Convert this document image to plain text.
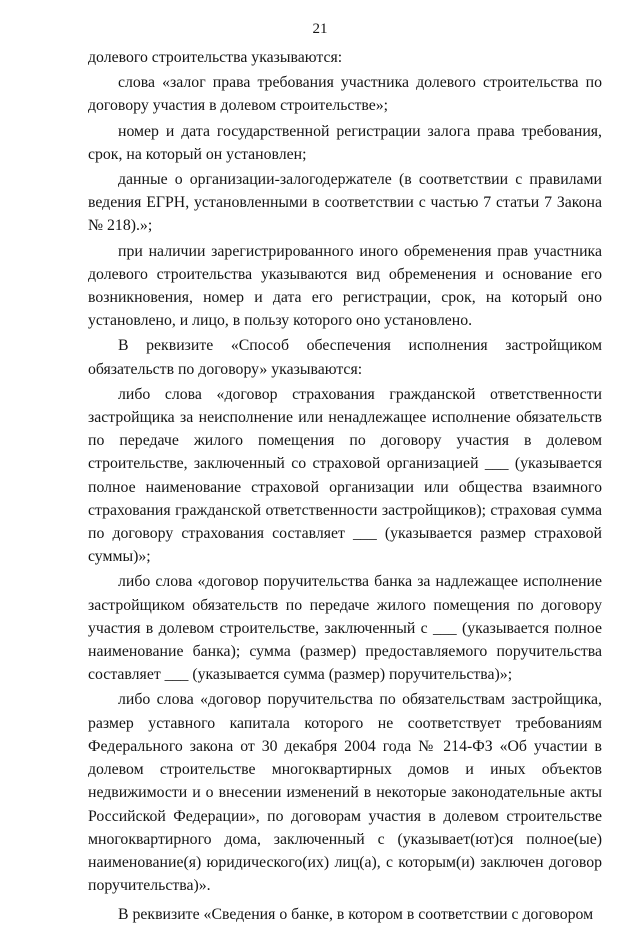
21

долевого строительства указываются:

слова «залог права требования участника долевого строительства по договору участия в долевом строительстве»;

номер и дата государственной регистрации залога права требования, срок, на который он установлен;

данные о организации-залогодержателе (в соответствии с правилами ведения ЕГРН, установленными в соответствии с частью 7 статьи 7 Закона № 218).»;

при наличии зарегистрированного иного обременения прав участника долевого строительства указываются вид обременения и основание его возникновения, номер и дата его регистрации, срок, на который оно установлено, и лицо, в пользу которого оно установлено.

В реквизите «Способ обеспечения исполнения застройщиком обязательств по договору» указываются:

либо слова «договор страхования гражданской ответственности застройщика за неисполнение или ненадлежащее исполнение обязательств по передаче жилого помещения по договору участия в долевом строительстве, заключенный со страховой организацией ___ (указывается полное наименование страховой организации или общества взаимного страхования гражданской ответственности застройщиков); страховая сумма по договору страхования составляет ___ (указывается размер страховой суммы)»;

либо слова «договор поручительства банка за надлежащее исполнение застройщиком обязательств по передаче жилого помещения по договору участия в долевом строительстве, заключенный с ___ (указывается полное наименование банка); сумма (размер) предоставляемого поручительства составляет ___ (указывается сумма (размер) поручительства)»;

либо слова «договор поручительства по обязательствам застройщика, размер уставного капитала которого не соответствует требованиям Федерального закона от 30 декабря 2004 года № 214-ФЗ «Об участии в долевом строительстве многоквартирных домов и иных объектов недвижимости и о внесении изменений в некоторые законодательные акты Российской Федерации», по договорам участия в долевом строительстве многоквартирного дома, заключенный с (указывает(ют)ся полное(ые) наименование(я) юридического(их) лиц(а), с которым(и) заключен договор поручительства)».

В реквизите «Сведения о банке, в котором в соответствии с договором
